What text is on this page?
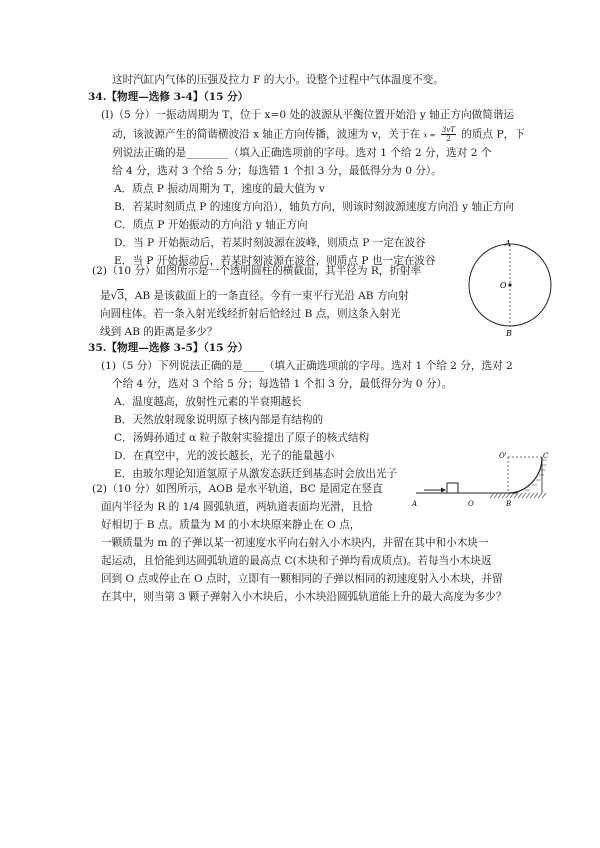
这时汽缸内气体的压强及拉力 F 的大小。设整个过程中气体温度不变。
34.【物理—选修 3-4】（15 分）
(I)（5 分）一振动周期为 T，位于 x=0 处的波源从平衡位置开始沿 y 轴正方向做简谐运
动，该波源产生的简谐横波沿 x 轴正方向传播，波速为 v，关于在 $x = \frac{3vT}{2}$ 的质点 P，下
列说法正确的是________（填入正确选项前的字母。选对 1 个给 2 分，选对 2 个
给 4 分，选对 3 个给 5 分；每选错 1 个扣 3 分，最低得分为 0 分）。
A．质点 P 振动周期为 T，速度的最大值为 v
B．若某时刻质点 P 的速度方向沿），轴负方向，则该时刻波源速度方向沿 y 轴正方向
C．质点 P 开始振动的方向沿 y 轴正方向
D．当 P 开始振动后，若某时刻波源在波峰，则质点 P 一定在波谷
E．当 P 开始振动后，若某时刻波源在波谷，则质点 P 也一定在波谷
(2)（10 分）如图所示是一个透明圆柱的横截面，其半径为 R，折射率
是√3，AB 是该截面上的一条直径。今有一束平行光沿 AB 方向射
向圆柱体。若一条入射光线经折射后恰经过 B 点，则这条入射光
线到 AB 的距离是多少？
A
O
B
35.【物理—选修 3-5】（15 分）
(1)（5 分）下列说法正确的是____（填入正确选项前的字母。选对 1 个给 2 分，选对 2
个给 4 分，选对 3 个给 5 分；每选错 1 个扣 3 分，最低得分为 0 分）。
A．温度越高，放射性元素的半衰期越长
B．天然放射现象说明原子核内部是有结构的
C．汤姆孙通过 α 粒子散射实验提出了原子的核式结构
D．在真空中，光的波长越长，光子的能量越小
E．由玻尔理论知道氢原子从激发态跃迁到基态时会放出光子
(2)（10 分）如图所示，AOB 是水平轨道，BC 是固定在竖直
面内半径为 R 的 1/4 圆弧轨道，两轨道表面均光滑，且恰
好相切于 B 点。质量为 M 的小木块原来静止在 O 点，
一颗质量为 m 的子弹以某一初速度水平向右射入小木块内，并留在其中和小木块一
起运动，且恰能到达圆弧轨道的最高点 C(木块和子弹均看成质点)。若每当小木块返
回到 O 点或停止在 O 点时，立即有一颗相同的子弹以相同的初速度射入小木块，并留
在其中，则当第 3 颗子弹射入小木块后，小木块沿圆弧轨道能上升的最大高度为多少？
A	O	B
O'	C
